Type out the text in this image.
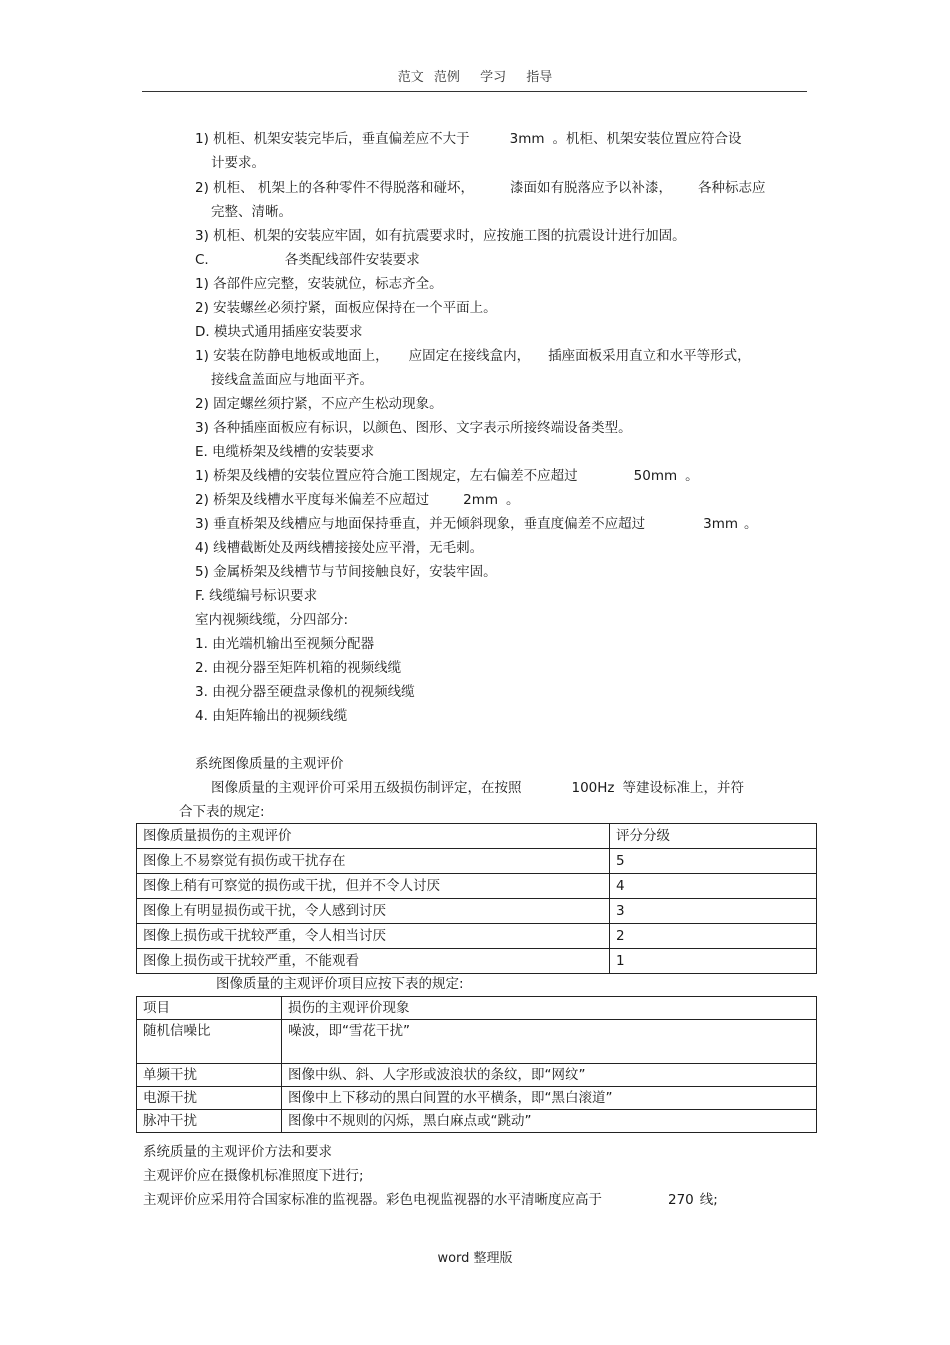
范文 范例 学习 指导
1) 机柜、机架安装完毕后，垂直偏差应不大于	3mm 。机柜、机架安装位置应符合设
计要求。
2) 机柜、 机架上的各种零件不得脱落和碰坏，	漆面如有脱落应予以补漆， 各种标志应
完整、清晰。
3) 机柜、机架的安装应牢固，如有抗震要求时，应按施工图的抗震设计进行加固。
C.	各类配线部件安装要求
1) 各部件应完整，安装就位，标志齐全。
2) 安装螺丝必须拧紧，面板应保持在一个平面上。
D. 模块式通用插座安装要求
1) 安装在防静电地板或地面上， 应固定在接线盒内， 插座面板采用直立和水平等形式，
接线盒盖面应与地面平齐。
2) 固定螺丝须拧紧，不应产生松动现象。
3) 各种插座面板应有标识，以颜色、图形、文字表示所接终端设备类型。
E. 电缆桥架及线槽的安装要求
1) 桥架及线槽的安装位置应符合施工图规定，左右偏差不应超过	50mm 。
2) 桥架及线槽水平度每米偏差不应超过	2mm 。
3) 垂直桥架及线槽应与地面保持垂直，并无倾斜现象，垂直度偏差不应超过	3mm 。
4) 线槽截断处及两线槽接接处应平滑，无毛刺。
5) 金属桥架及线槽节与节间接触良好，安装牢固。
F. 线缆编号标识要求
室内视频线缆，分四部分:
1. 由光端机输出至视频分配器
2. 由视分器至矩阵机箱的视频线缆
3. 由视分器至硬盘录像机的视频线缆
4. 由矩阵输出的视频线缆
系统图像质量的主观评价
图像质量的主观评价可采用五级损伤制评定，在按照	100Hz 等建设标准上，并符
合下表的规定:
图像质量损伤的主观评价	评分分级
图像上不易察觉有损伤或干扰存在	5
图像上稍有可察觉的损伤或干扰，但并不令人讨厌	4
图像上有明显损伤或干扰，令人感到讨厌	3
图像上损伤或干扰较严重，令人相当讨厌	2
图像上损伤或干扰较严重，不能观看	1
图像质量的主观评价项目应按下表的规定:
项目	损伤的主观评价现象
随机信噪比	噪波，即“雪花干扰”
单频干扰	图像中纵、斜、人字形或波浪状的条纹，即“网纹”
电源干扰	图像中上下移动的黑白间置的水平横条，即“黑白滚道”
脉冲干扰	图像中不规则的闪烁，黑白麻点或“跳动”
系统质量的主观评价方法和要求
主观评价应在摄像机标准照度下进行;
主观评价应采用符合国家标准的监视器。彩色电视监视器的水平清晰度应高于	270 线;
word 整理版
